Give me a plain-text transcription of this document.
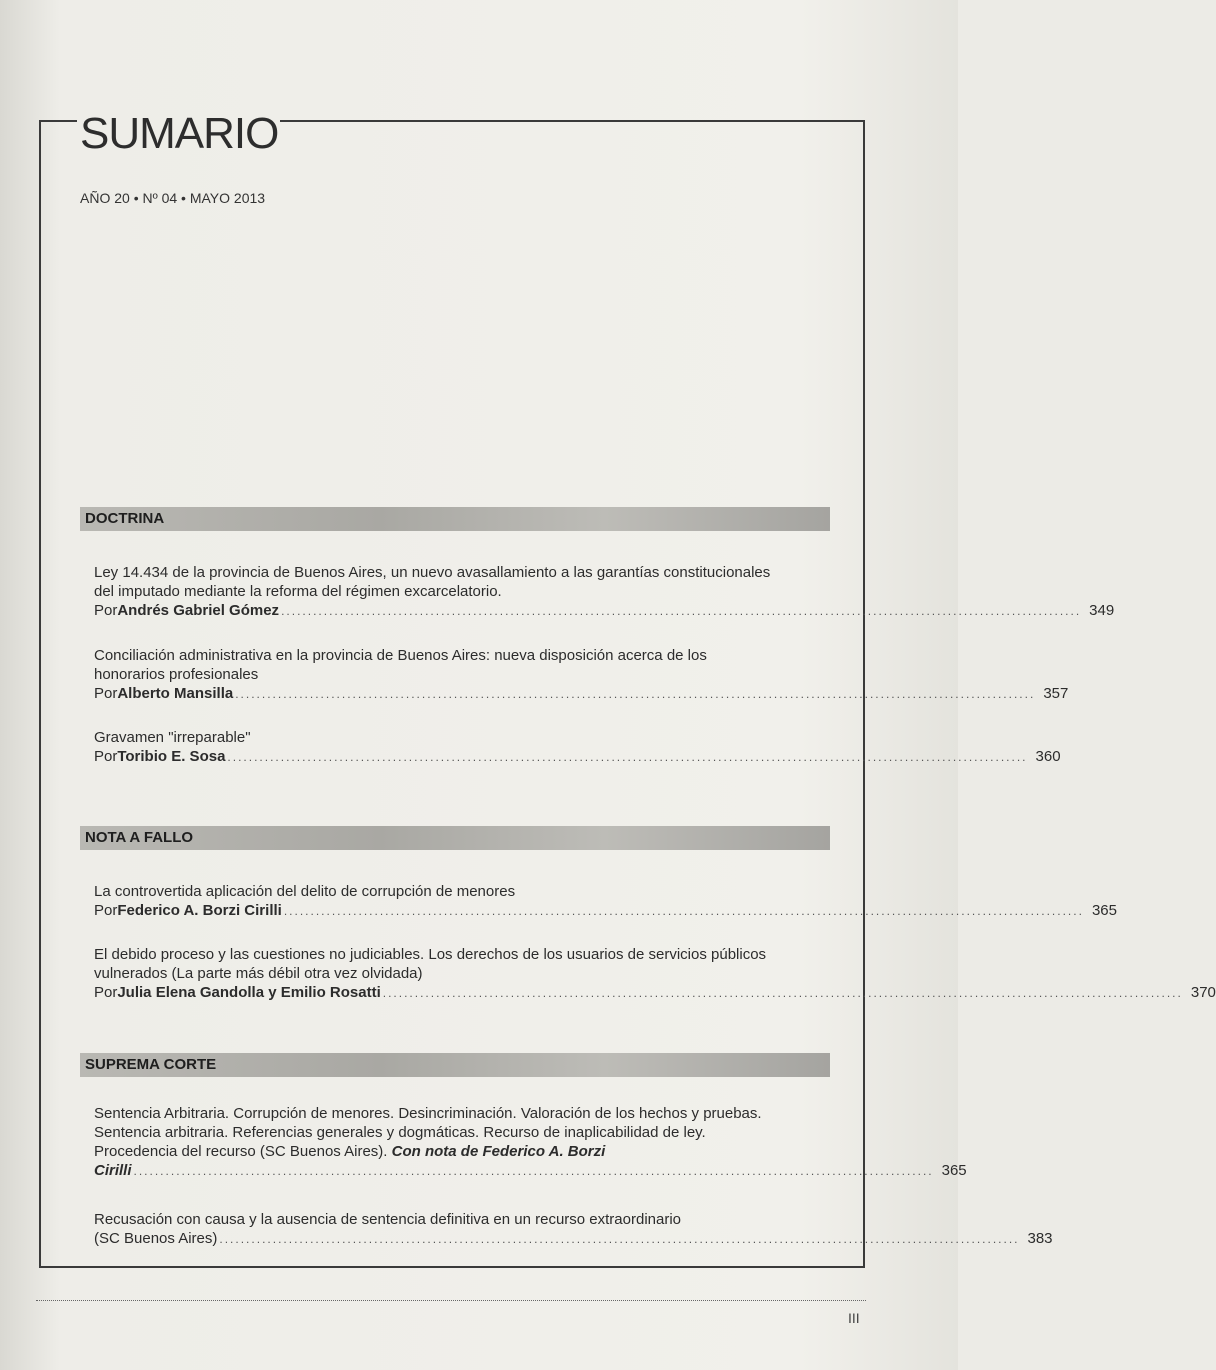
SUMARIO
AÑO 20 • Nº 04 • MAYO 2013
DOCTRINA
Ley 14.434 de la provincia de Buenos Aires, un nuevo avasallamiento a las garantías constitucionales del imputado mediante la reforma del régimen excarcelatorio.
Por Andrés Gabriel Gómez ...................................................................................................................................................... 349
Conciliación administrativa en la provincia de Buenos Aires: nueva disposición acerca de los honorarios profesionales
Por Alberto Mansilla ...................................................................................................................................................... 357
Gravamen "irreparable"
Por Toribio E. Sosa ...................................................................................................................................................... 360
NOTA A FALLO
La controvertida aplicación del delito de corrupción de menores
Por Federico A. Borzi Cirilli ...................................................................................................................................................... 365
El debido proceso y las cuestiones no judiciables. Los derechos de los usuarios de servicios públicos vulnerados (La parte más débil otra vez olvidada)
Por Julia Elena Gandolla y Emilio Rosatti ...................................................................................................................................................... 370
SUPREMA CORTE
Sentencia Arbitraria. Corrupción de menores. Desincriminación. Valoración de los hechos y pruebas. Sentencia arbitraria. Referencias generales y dogmáticas. Recurso de inaplicabilidad de ley. Procedencia del recurso (SC Buenos Aires). Con nota de Federico A. Borzi
Cirilli ...................................................................................................................................................... 365
Recusación con causa y la ausencia de sentencia definitiva en un recurso extraordinario
(SC Buenos Aires) ...................................................................................................................................................... 383
III
